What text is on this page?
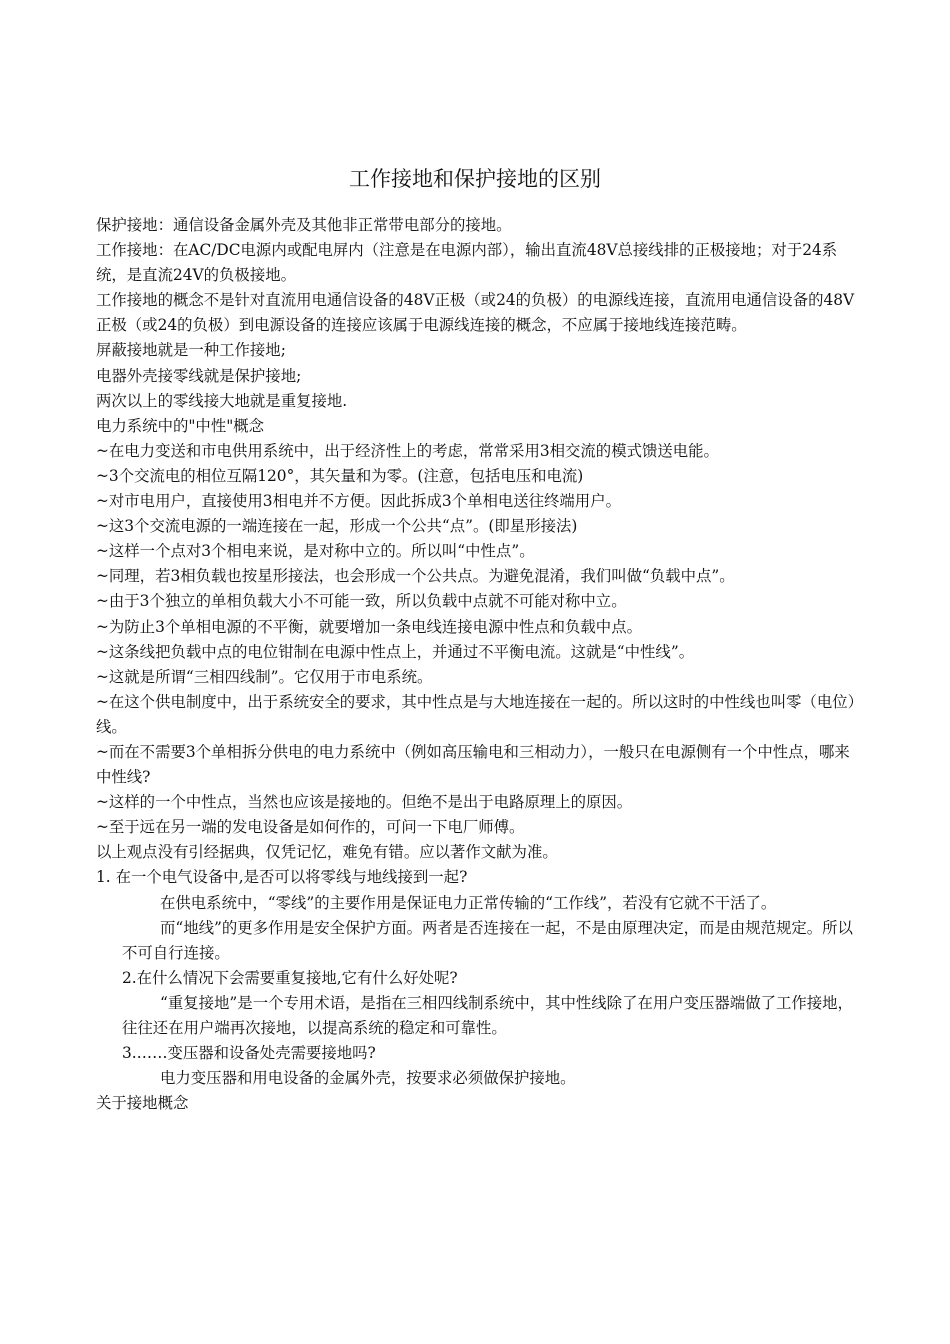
工作接地和保护接地的区别

保护接地：通信设备金属外壳及其他非正常带电部分的接地。

工作接地：在AC/DC电源内或配电屏内（注意是在电源内部），输出直流48V总接线排的正极接地；对于24系统，是直流24V的负极接地。

工作接地的概念不是针对直流用电通信设备的48V正极（或24的负极）的电源线连接，直流用电通信设备的48V正极（或24的负极）到电源设备的连接应该属于电源线连接的概念，不应属于接地线连接范畴。

屏蔽接地就是一种工作接地;

电器外壳接零线就是保护接地;

两次以上的零线接大地就是重复接地.

电力系统中的"中性"概念

~在电力变送和市电供用系统中，出于经济性上的考虑，常常采用3相交流的模式馈送电能。

~3个交流电的相位互隔120°，其矢量和为零。(注意，包括电压和电流)

~对市电用户，直接使用3相电并不方便。因此拆成3个单相电送往终端用户。

~这3个交流电源的一端连接在一起，形成一个公共“点”。(即星形接法)

~这样一个点对3个相电来说，是对称中立的。所以叫“中性点”。

~同理，若3相负载也按星形接法，也会形成一个公共点。为避免混淆，我们叫做“负载中点”。

~由于3个独立的单相负载大小不可能一致，所以负载中点就不可能对称中立。

~为防止3个单相电源的不平衡，就要增加一条电线连接电源中性点和负载中点。

~这条线把负载中点的电位钳制在电源中性点上，并通过不平衡电流。这就是“中性线”。

~这就是所谓“三相四线制”。它仅用于市电系统。

~在这个供电制度中，出于系统安全的要求，其中性点是与大地连接在一起的。所以这时的中性线也叫零（电位）线。

~而在不需要3个单相拆分供电的电力系统中（例如高压输电和三相动力），一般只在电源侧有一个中性点，哪来中性线?

~这样的一个中性点，当然也应该是接地的。但绝不是出于电路原理上的原因。

~至于远在另一端的发电设备是如何作的，可问一下电厂师傅。

以上观点没有引经据典，仅凭记忆，难免有错。应以著作文献为准。

1. 在一个电气设备中,是否可以将零线与地线接到一起?

在供电系统中，“零线”的主要作用是保证电力正常传输的“工作线”，若没有它就不干活了。

而“地线”的更多作用是安全保护方面。两者是否连接在一起，不是由原理决定，而是由规范规定。所以不可自行连接。

2.在什么情况下会需要重复接地,它有什么好处呢?

“重复接地”是一个专用术语，是指在三相四线制系统中，其中性线除了在用户变压器端做了工作接地，往往还在用户端再次接地，以提高系统的稳定和可靠性。

3.……变压器和设备处壳需要接地吗?

电力变压器和用电设备的金属外壳，按要求必须做保护接地。

关于接地概念
